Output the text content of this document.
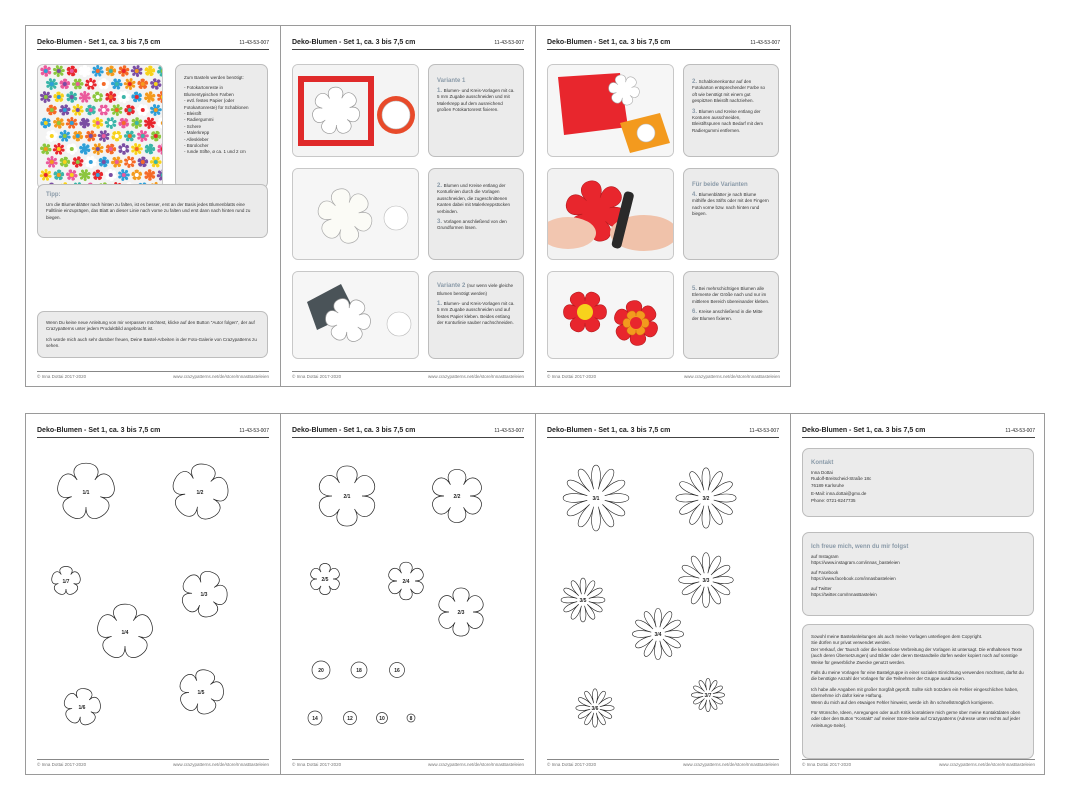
Deko-Blumen - Set 1, ca. 3 bis 7,5 cm	11-43-53-007
Zum Basteln werden benötigt:
- Fotokartonreste in
Blumentypischen Farben
- evtl. festes Papier (oder
Fotokartonreste) für Schablonen
- Bleistift
- Radiergummi
- Schere
- Malerkrepp
- Alleskleber
- Bürolocher
- runde Stifte, ø ca. 1 und 2 cm
Tipp:
Um die Blumenblätter nach hinten zu falten, ist es besser, erst an der Basis jedes Blumenblatts eine Falltlinie einzuprägen, das Blatt an dieser Linie nach vorne zu falten und erst dann nach hinten rund zu biegen.
Wenn Du keine neue Anleitung von mir verpassen möchtest, klicke auf den Button "Autor folgen", der auf Crazypatterns unter jedem Produktbild angebracht ist.
Ich würde mich auch sehr darüber freuen, Deine Bastel-Arbeiten in der Foto-Galerie von Crazypatterns zu sehen.
© Inna Dottai 2017-2020	www.crazypatterns.net/de/store/InnasBasteleien
Deko-Blumen - Set 1, ca. 3 bis 7,5 cm	11-43-53-007
Variante 1
1. Blumen- und Kreis-Vorlagen mit ca. 5 mm Zugabe ausschneiden und mit Malerkrepp auf dem ausreichend großen Fotokartonrest fixieren.
2. Blumen und Kreise entlang der Konturlinien durch die Vorlagen ausschneiden, die zugeschnittenen Kanten dabei mit Malerkreppstücken verbinden.
3. Vorlagen anschließend von den Grundformen lösen.
Variante 2 (nur wenn viele gleiche Blumen benötigt werden)
1. Blumen- und Kreis-Vorlagen mit ca. 5 mm Zugabe ausschneiden und auf festes Papier kleben. Beides entlang der Konturlinie sauber nachschneiden.
© Inna Dottai 2017-2020	www.crazypatterns.net/de/store/InnasBasteleien
Deko-Blumen - Set 1, ca. 3 bis 7,5 cm	11-43-53-007
2. Schablonenkontur auf den Fotokarton entsprechender Farbe so oft wie benötigt mit einem gut gespitzten Bleistift nachziehen.
3. Blumen und Kreise entlang der Konturen ausschneiden, Bleistiftspuren nach Bedarf mit dem Radiergummi entfernen.
Für beide Varianten
4. Blumenblätter je nach Blume mithilfe des Stifts oder mit den Fingern nach vorne bzw. nach hinten rund biegen.
5. Bei mehrschichtigen Blumen alle Elemente der Größe nach und nur im mittleren Bereich übereinander kleben.
6. Kreise anschließend in die Mitte der Blumen fixieren.
© Inna Dottai 2017-2020	www.crazypatterns.net/de/store/InnasBasteleien
Deko-Blumen - Set 1, ca. 3 bis 7,5 cm	11-43-53-007
1/1	1/2
1/7
1/3
1/4
1/5
1/6
© Inna Dottai 2017-2020	www.crazypatterns.net/de/store/InnasBasteleien
Deko-Blumen - Set 1, ca. 3 bis 7,5 cm	11-43-53-007
2/1	2/2
2/5	2/4
2/3
20	18	16
14	12	10	8
© Inna Dottai 2017-2020	www.crazypatterns.net/de/store/InnasBasteleien
Deko-Blumen - Set 1, ca. 3 bis 7,5 cm	11-43-53-007
3/1	3/2
3/3
3/5
3/4
3/6
3/7
© Inna Dottai 2017-2020	www.crazypatterns.net/de/store/InnasBasteleien
Deko-Blumen - Set 1, ca. 3 bis 7,5 cm	11-43-53-007
Kontakt
Inna Dottai
Rudolf-Breitscheid-Straße 18c
76189 Karlsruhe
E-Mail: inna.dottai@gmx.de
Phone: 0721-8247735
Ich freue mich, wenn du mir folgst
auf Instagram
https://www.instagram.com/innas_basteleien
auf Facebook
https://www.facebook.com/innasbasteleien
auf Twitter
https://twitter.com/InnasBastelein
Sowohl meine Bastelanleitungen als auch meine Vorlagen unterliegen dem Copyright.
Sie dürfen nur privat verwendet werden.
Der Verkauf, der Tausch oder die kostenlose Verbreitung der Vorlagen ist untersagt. Die enthaltenen Texte (auch deren Übersetzungen) und Bilder oder deren Bestandteile dürfen weder kopiert noch auf sonstige Weise für gewerbliche Zwecke genutzt werden.
Falls du meine Vorlagen für eine Bastelgruppe in einer sozialen Einrichtung verwenden möchtest, darfst du die benötigte Anzahl der Vorlagen für die Teilnehmer der Gruppe ausdrucken.
Ich habe alle Angaben mit großer Sorgfalt geprüft. Sollte sich trotzdem ein Fehler eingeschlichen haben, übernehme ich dafür keine Haftung.
Wenn du mich auf den etwaigen Fehler hinweist, werde ich ihn schnellstmöglich korrigieren.
Für Wünsche, Ideen, Anregungen oder auch Kritik kontaktiere mich gerne über meine Kontaktdaten oben oder über den Button "Kontakt" auf meiner Store-Seite auf Crazypatterns (Adresse unten rechts auf jeder Anleitungs-Seite).
© Inna Dottai 2017-2020	www.crazypatterns.net/de/store/InnasBasteleien
